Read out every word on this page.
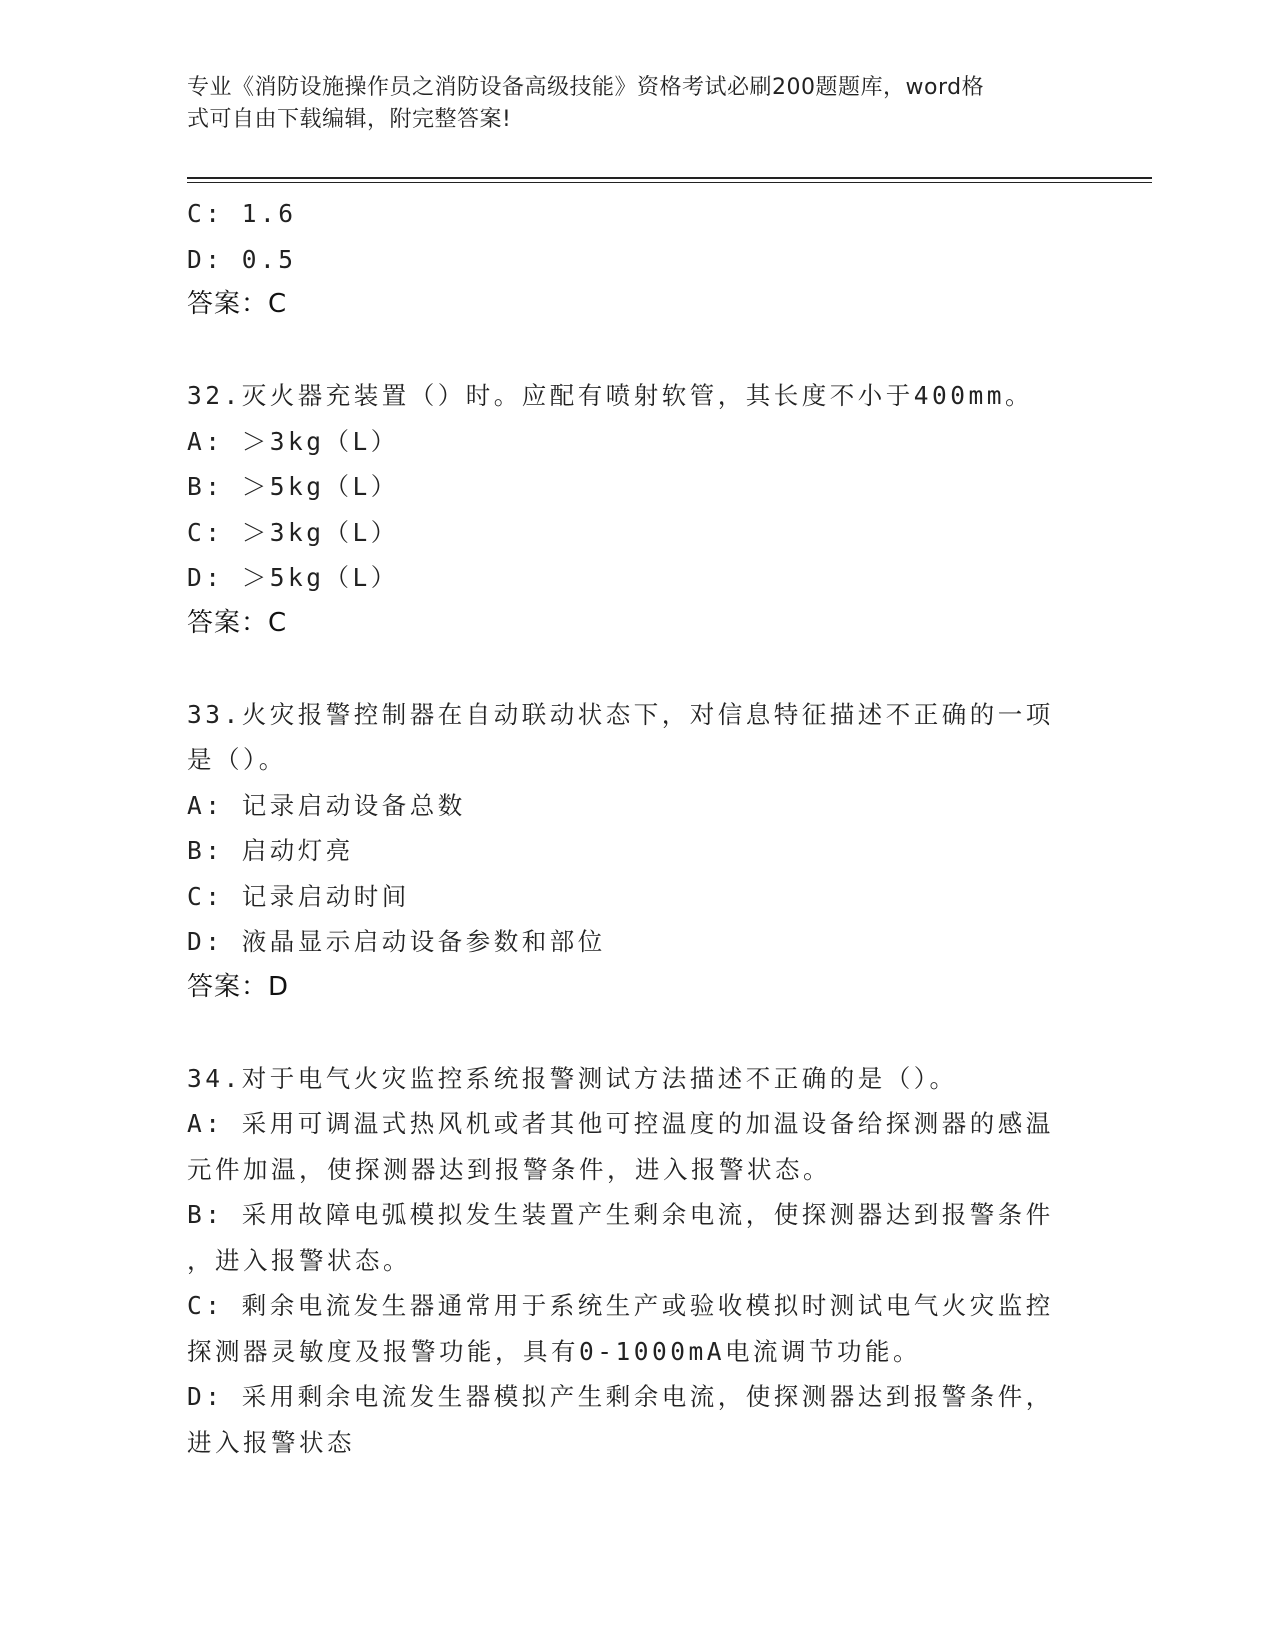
专业《消防设施操作员之消防设备高级技能》资格考试必刷200题题库，word格
式可自由下载编辑，附完整答案!
C: 1.6
D: 0.5
答案：C
32.灭火器充装置（）时。应配有喷射软管，其长度不小于400mm。
A: ＞3kg（L）
B: ＞5kg（L）
C: ＞3kg（L）
D: ＞5kg（L）
答案：C
33.火灾报警控制器在自动联动状态下，对信息特征描述不正确的一项
是（）。
A: 记录启动设备总数
B: 启动灯亮
C: 记录启动时间
D: 液晶显示启动设备参数和部位
答案：D
34.对于电气火灾监控系统报警测试方法描述不正确的是（）。
A: 采用可调温式热风机或者其他可控温度的加温设备给探测器的感温
元件加温，使探测器达到报警条件，进入报警状态。
B: 采用故障电弧模拟发生装置产生剩余电流，使探测器达到报警条件
，进入报警状态。
C: 剩余电流发生器通常用于系统生产或验收模拟时测试电气火灾监控
探测器灵敏度及报警功能，具有0-1000mA电流调节功能。
D: 采用剩余电流发生器模拟产生剩余电流，使探测器达到报警条件，
进入报警状态
